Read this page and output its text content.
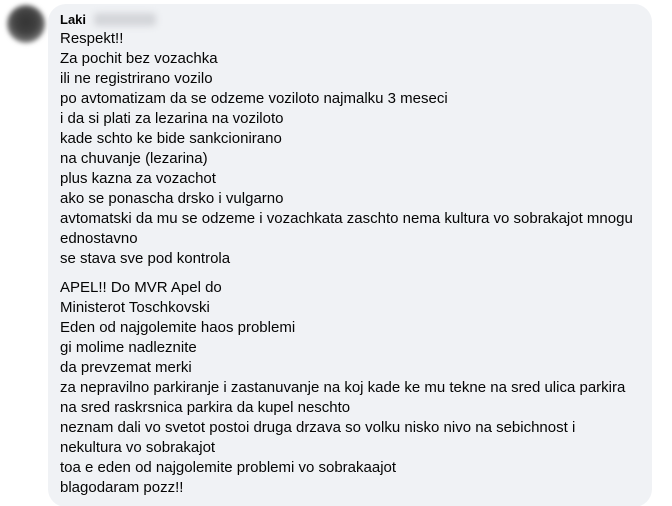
Laki
Respekt!!
Za pochit bez vozachka
ili ne registrirano vozilo
po avtomatizam da se odzeme voziloto najmalku 3 meseci
i da si plati za lezarina na voziloto
kade schto ke bide sankcionirano
na chuvanje (lezarina)
plus kazna za vozachot
ako se ponascha drsko i vulgarno
avtomatski da mu se odzeme i vozachkata zaschto nema kultura vo sobrakajot mnogu ednostavno
se stava sve pod kontrola
APEL!! Do MVR Apel do
Ministerot Toschkovski
Eden od najgolemite haos problemi
gi molime nadleznite
da prevzemat merki
za nepravilno parkiranje i zastanuvanje na koj kade ke mu tekne na sred ulica parkira na sred raskrsnica parkira da kupel neschto
neznam dali vo svetot postoi druga drzava so volku nisko nivo na sebichnost i nekultura vo sobrakajot
toa e eden od najgolemite problemi vo sobrakaajot
blagodaram pozz!!
